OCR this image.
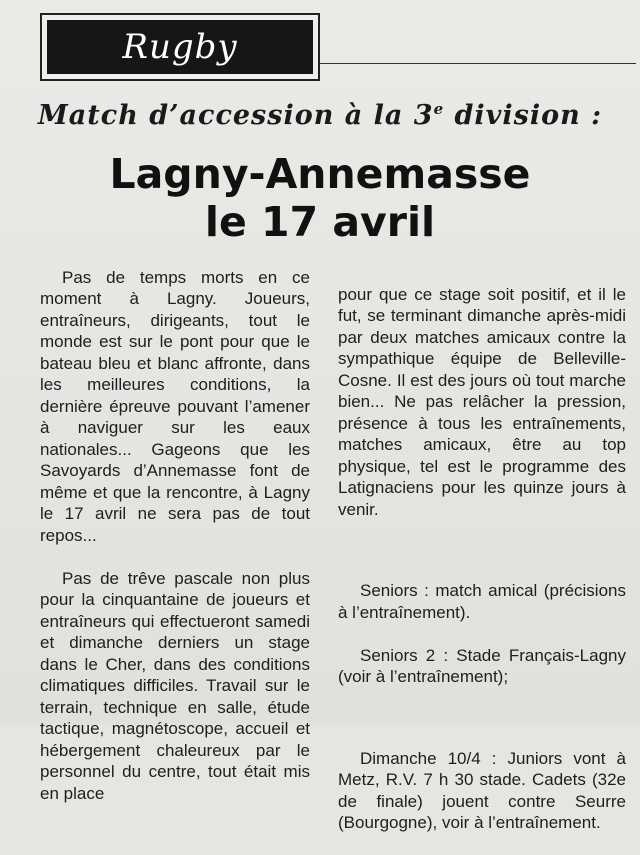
Rugby
Match d’accession à la 3e division :
Lagny-Annemasse
le 17 avril

Pas de temps morts en ce moment à Lagny. Joueurs, entraîneurs, dirigeants, tout le monde est sur le pont pour que le bateau bleu et blanc affronte, dans les meilleures conditions, la dernière épreuve pouvant l’amener à naviguer sur les eaux nationales... Gageons que les Savoyards d’Annemasse font de même et que la rencontre, à Lagny le 17 avril ne sera pas de tout repos...

Pas de trêve pascale non plus pour la cinquantaine de joueurs et entraîneurs qui effectueront samedi et dimanche derniers un stage dans le Cher, dans des conditions climatiques difficiles. Travail sur le terrain, technique en salle, étude tactique, magnétoscope, accueil et hébergement chaleureux par le personnel du centre, tout était mis en place

pour que ce stage soit positif, et il le fut, se terminant dimanche après-midi par deux matches amicaux contre la sympathique équipe de Belleville-Cosne. Il est des jours où tout marche bien... Ne pas relâcher la pression, présence à tous les entraînements, matches amicaux, être au top physique, tel est le programme des Latignaciens pour les quinze jours à venir.

Seniors : match amical (précisions à l’entraînement).

Seniors 2 : Stade Français-Lagny (voir à l’entraînement);

Dimanche 10/4 : Juniors vont à Metz, R.V. 7 h 30 stade. Cadets (32e de finale) jouent contre Seurre (Bourgogne), voir à l’entraînement.
